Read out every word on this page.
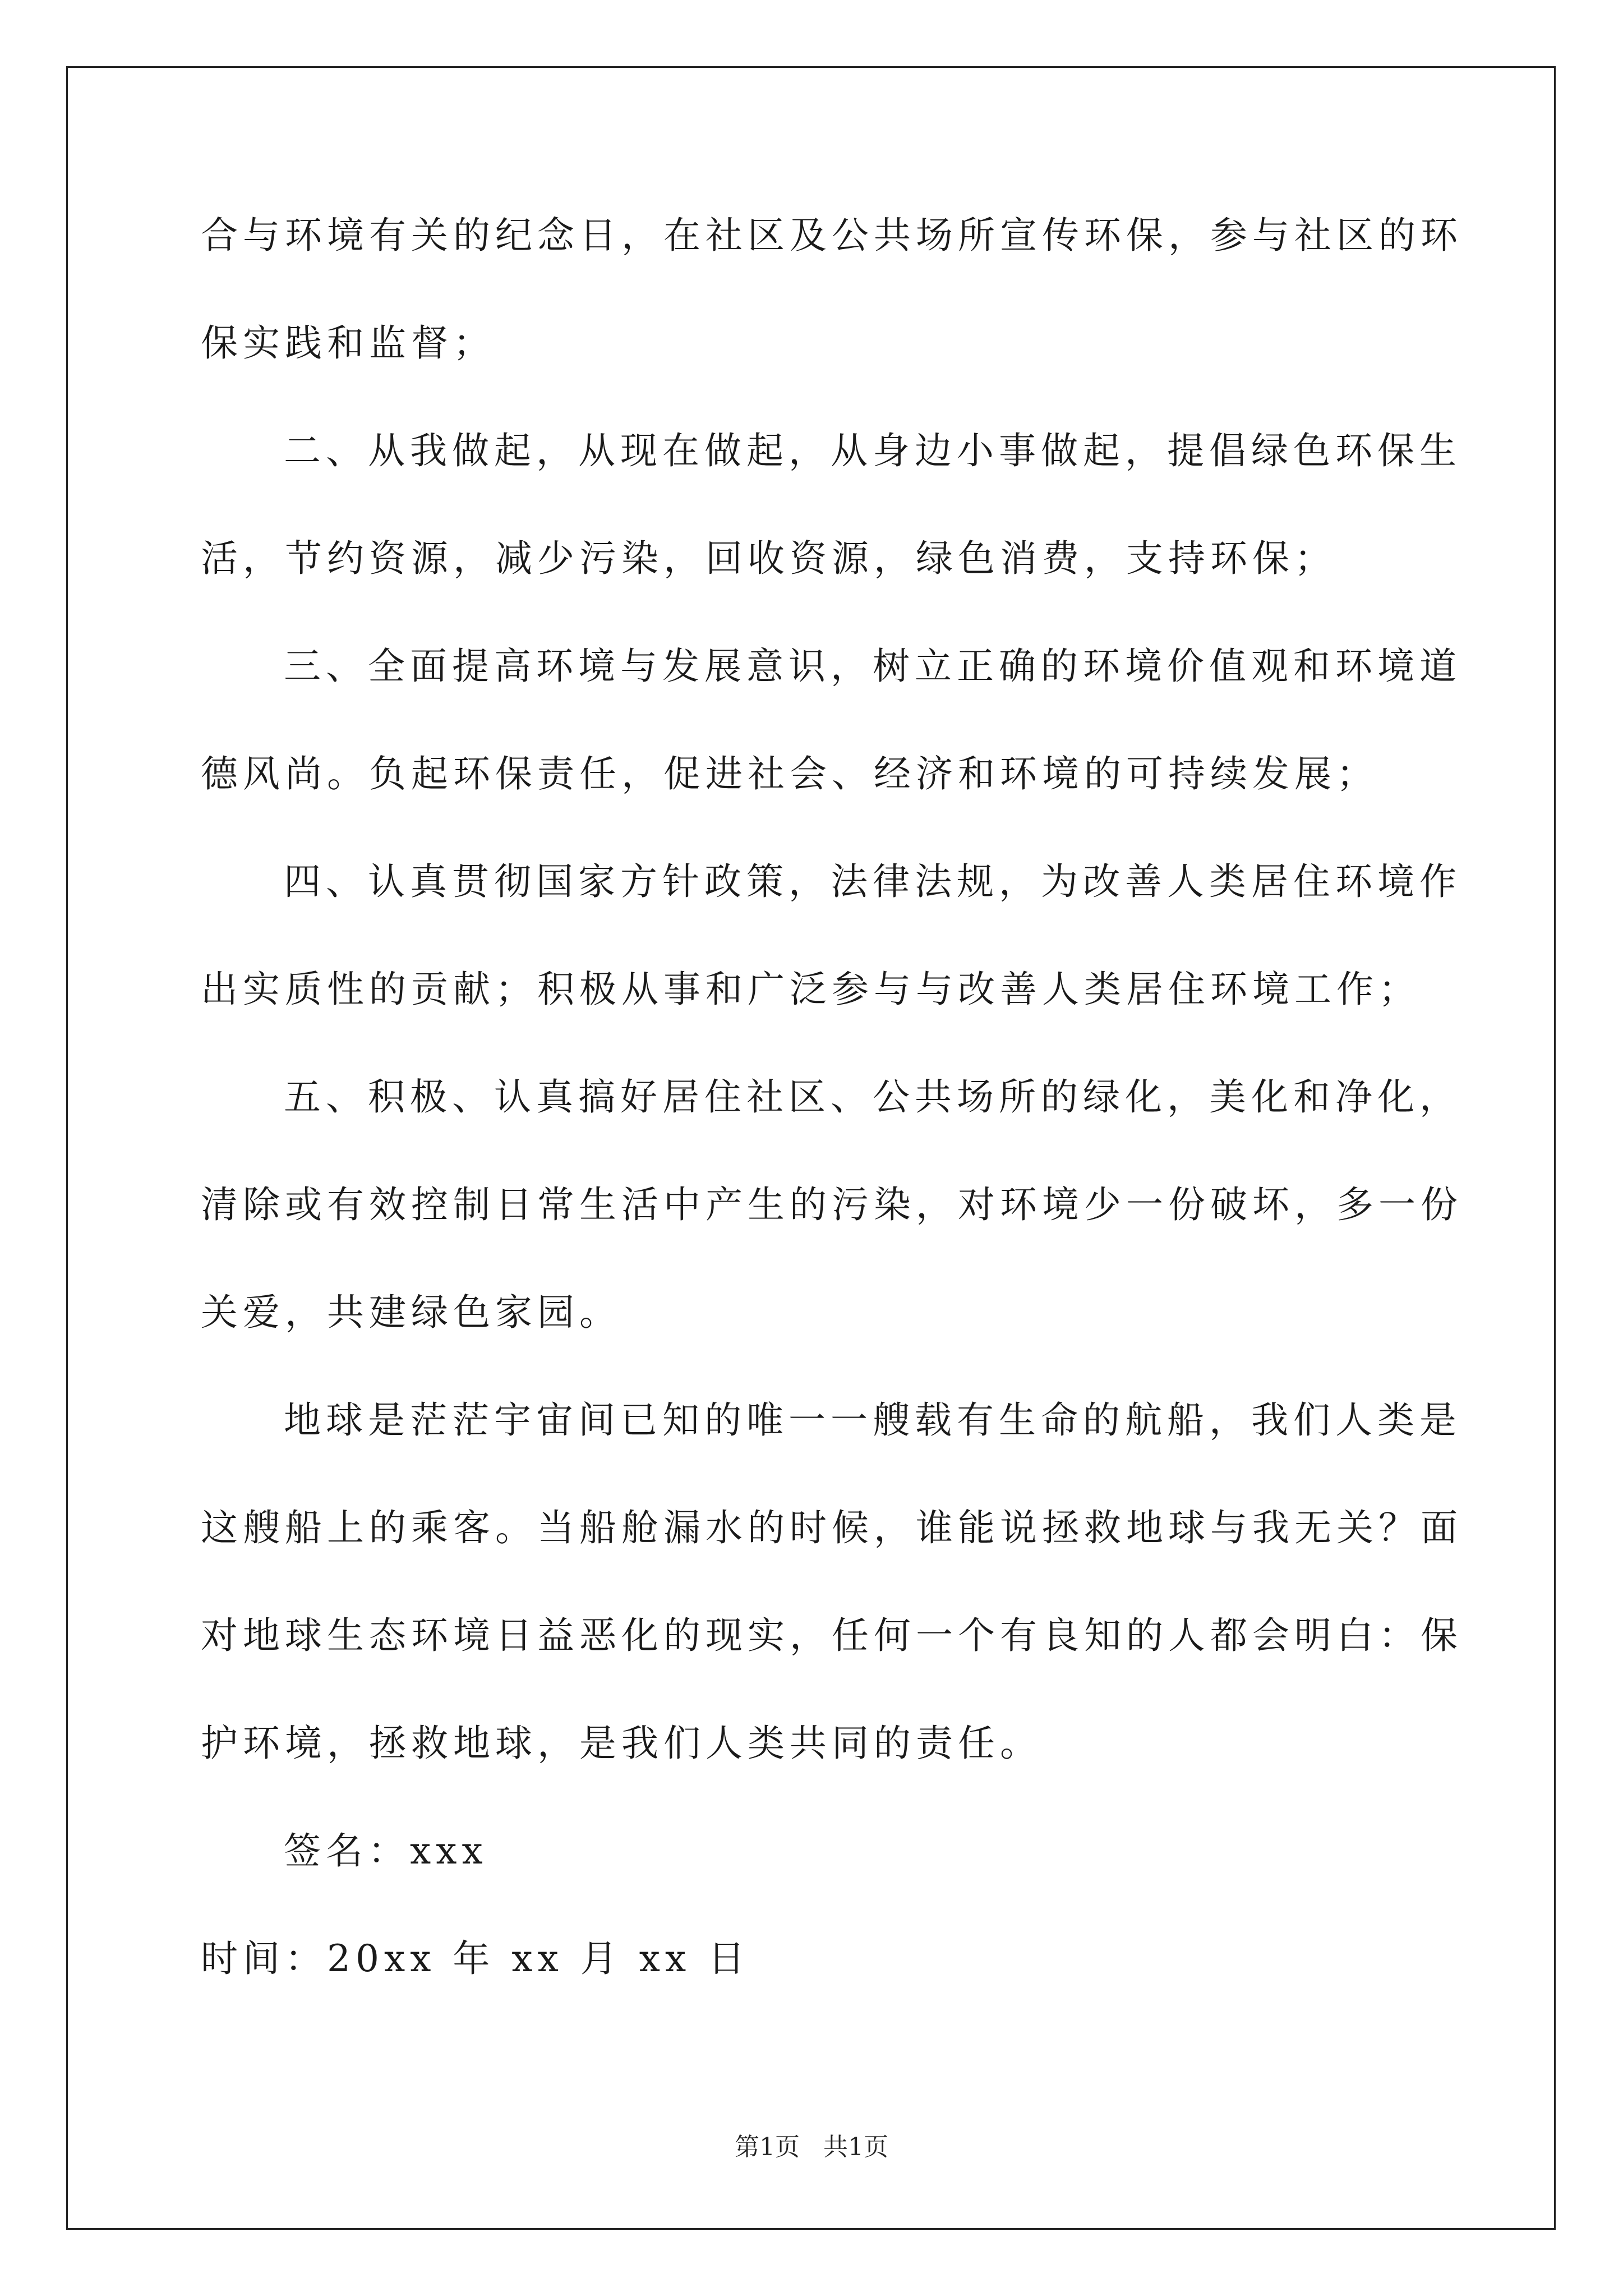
合与环境有关的纪念日，在社区及公共场所宣传环保，参与社区的环
保实践和监督；
二、从我做起，从现在做起，从身边小事做起，提倡绿色环保生
活，节约资源，减少污染，回收资源，绿色消费，支持环保；
三、全面提高环境与发展意识，树立正确的环境价值观和环境道
德风尚。负起环保责任，促进社会、经济和环境的可持续发展；
四、认真贯彻国家方针政策，法律法规，为改善人类居住环境作
出实质性的贡献；积极从事和广泛参与与改善人类居住环境工作；
五、积极、认真搞好居住社区、公共场所的绿化，美化和净化，
清除或有效控制日常生活中产生的污染，对环境少一份破坏，多一份
关爱，共建绿色家园。
地球是茫茫宇宙间已知的唯一一艘载有生命的航船，我们人类是
这艘船上的乘客。当船舱漏水的时候，谁能说拯救地球与我无关？面
对地球生态环境日益恶化的现实，任何一个有良知的人都会明白：保
护环境，拯救地球，是我们人类共同的责任。
签名：xxx
时间：20xx 年 xx 月 xx 日
第1页   共1页
